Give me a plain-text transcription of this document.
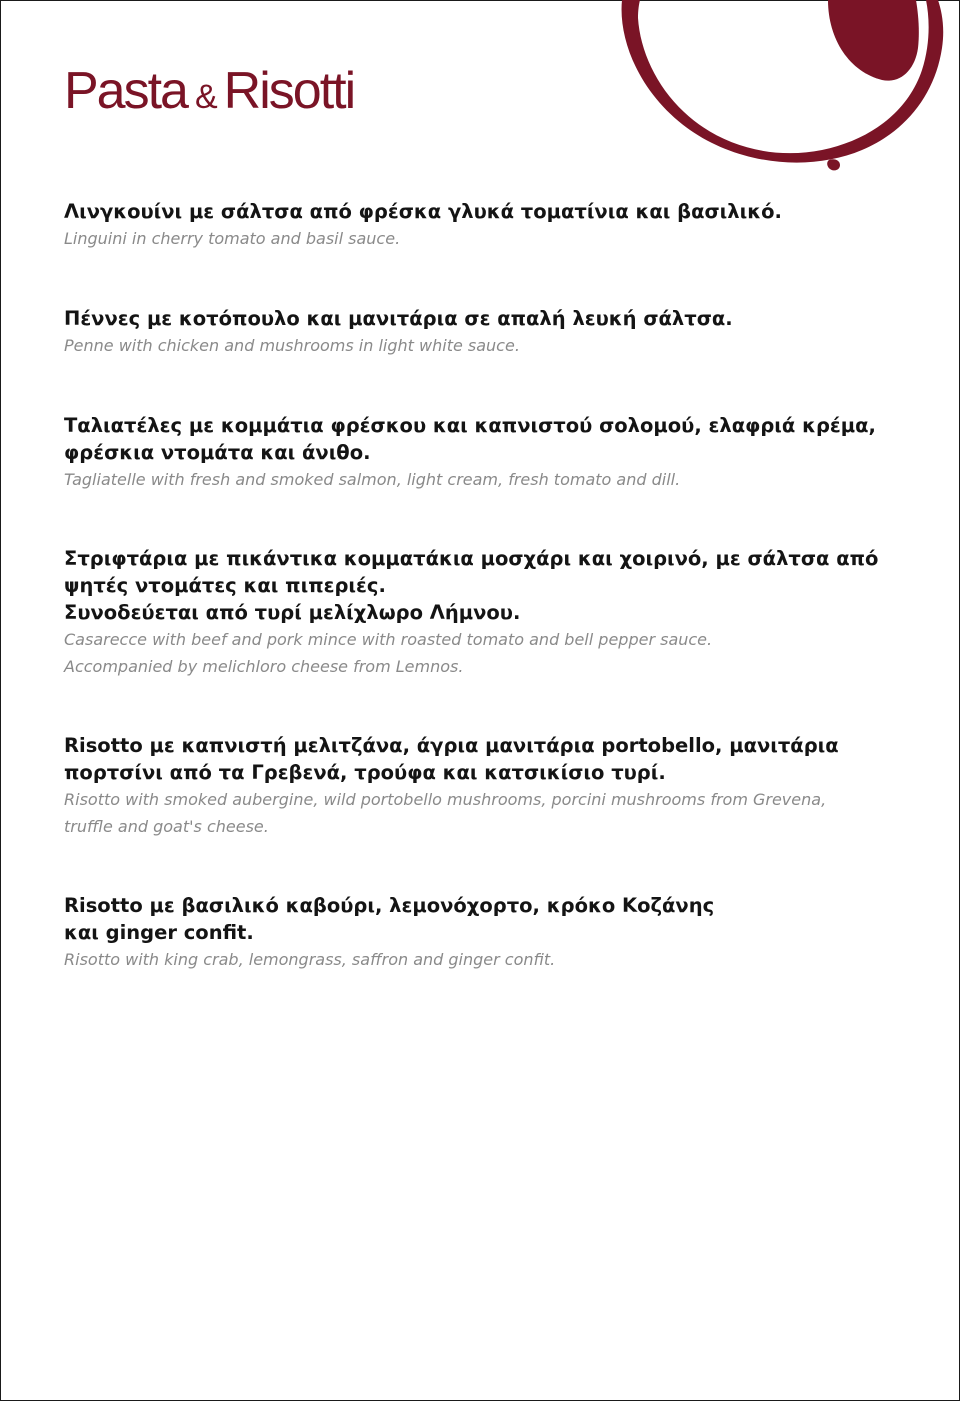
Pasta & Risotti

Λινγκουίνι με σάλτσα από φρέσκα γλυκά τοματίνια και βασιλικό.

Linguini in cherry tomato and basil sauce.

Πέννες με κοτόπουλο και μανιτάρια σε απαλή λευκή σάλτσα.

Penne with chicken and mushrooms in light white sauce.

Ταλιατέλες με κομμάτια φρέσκου και καπνιστού σολομού, ελαφριά κρέμα,
φρέσκια ντομάτα και άνιθο.

Tagliatelle with fresh and smoked salmon, light cream, fresh tomato and dill.

Στριφτάρια με πικάντικα κομματάκια μοσχάρι και χοιρινό, με σάλτσα από
ψητές ντομάτες και πιπεριές.
Συνοδεύεται από τυρί μελίχλωρο Λήμνου.

Casarecce with beef and pork mince with roasted tomato and bell pepper sauce.
Accompanied by melichloro cheese from Lemnos.

Risotto με καπνιστή μελιτζάνα, άγρια μανιτάρια portobello, μανιτάρια
πορτσίνι από τα Γρεβενά, τρούφα και κατσικίσιο τυρί.

Risotto with smoked aubergine, wild portobello mushrooms, porcini mushrooms from Grevena,
truffle and goat's cheese.

Risotto με βασιλικό καβούρι, λεμονόχορτο, κρόκο Κοζάνης
και ginger confit.

Risotto with king crab, lemongrass, saffron and ginger confit.
